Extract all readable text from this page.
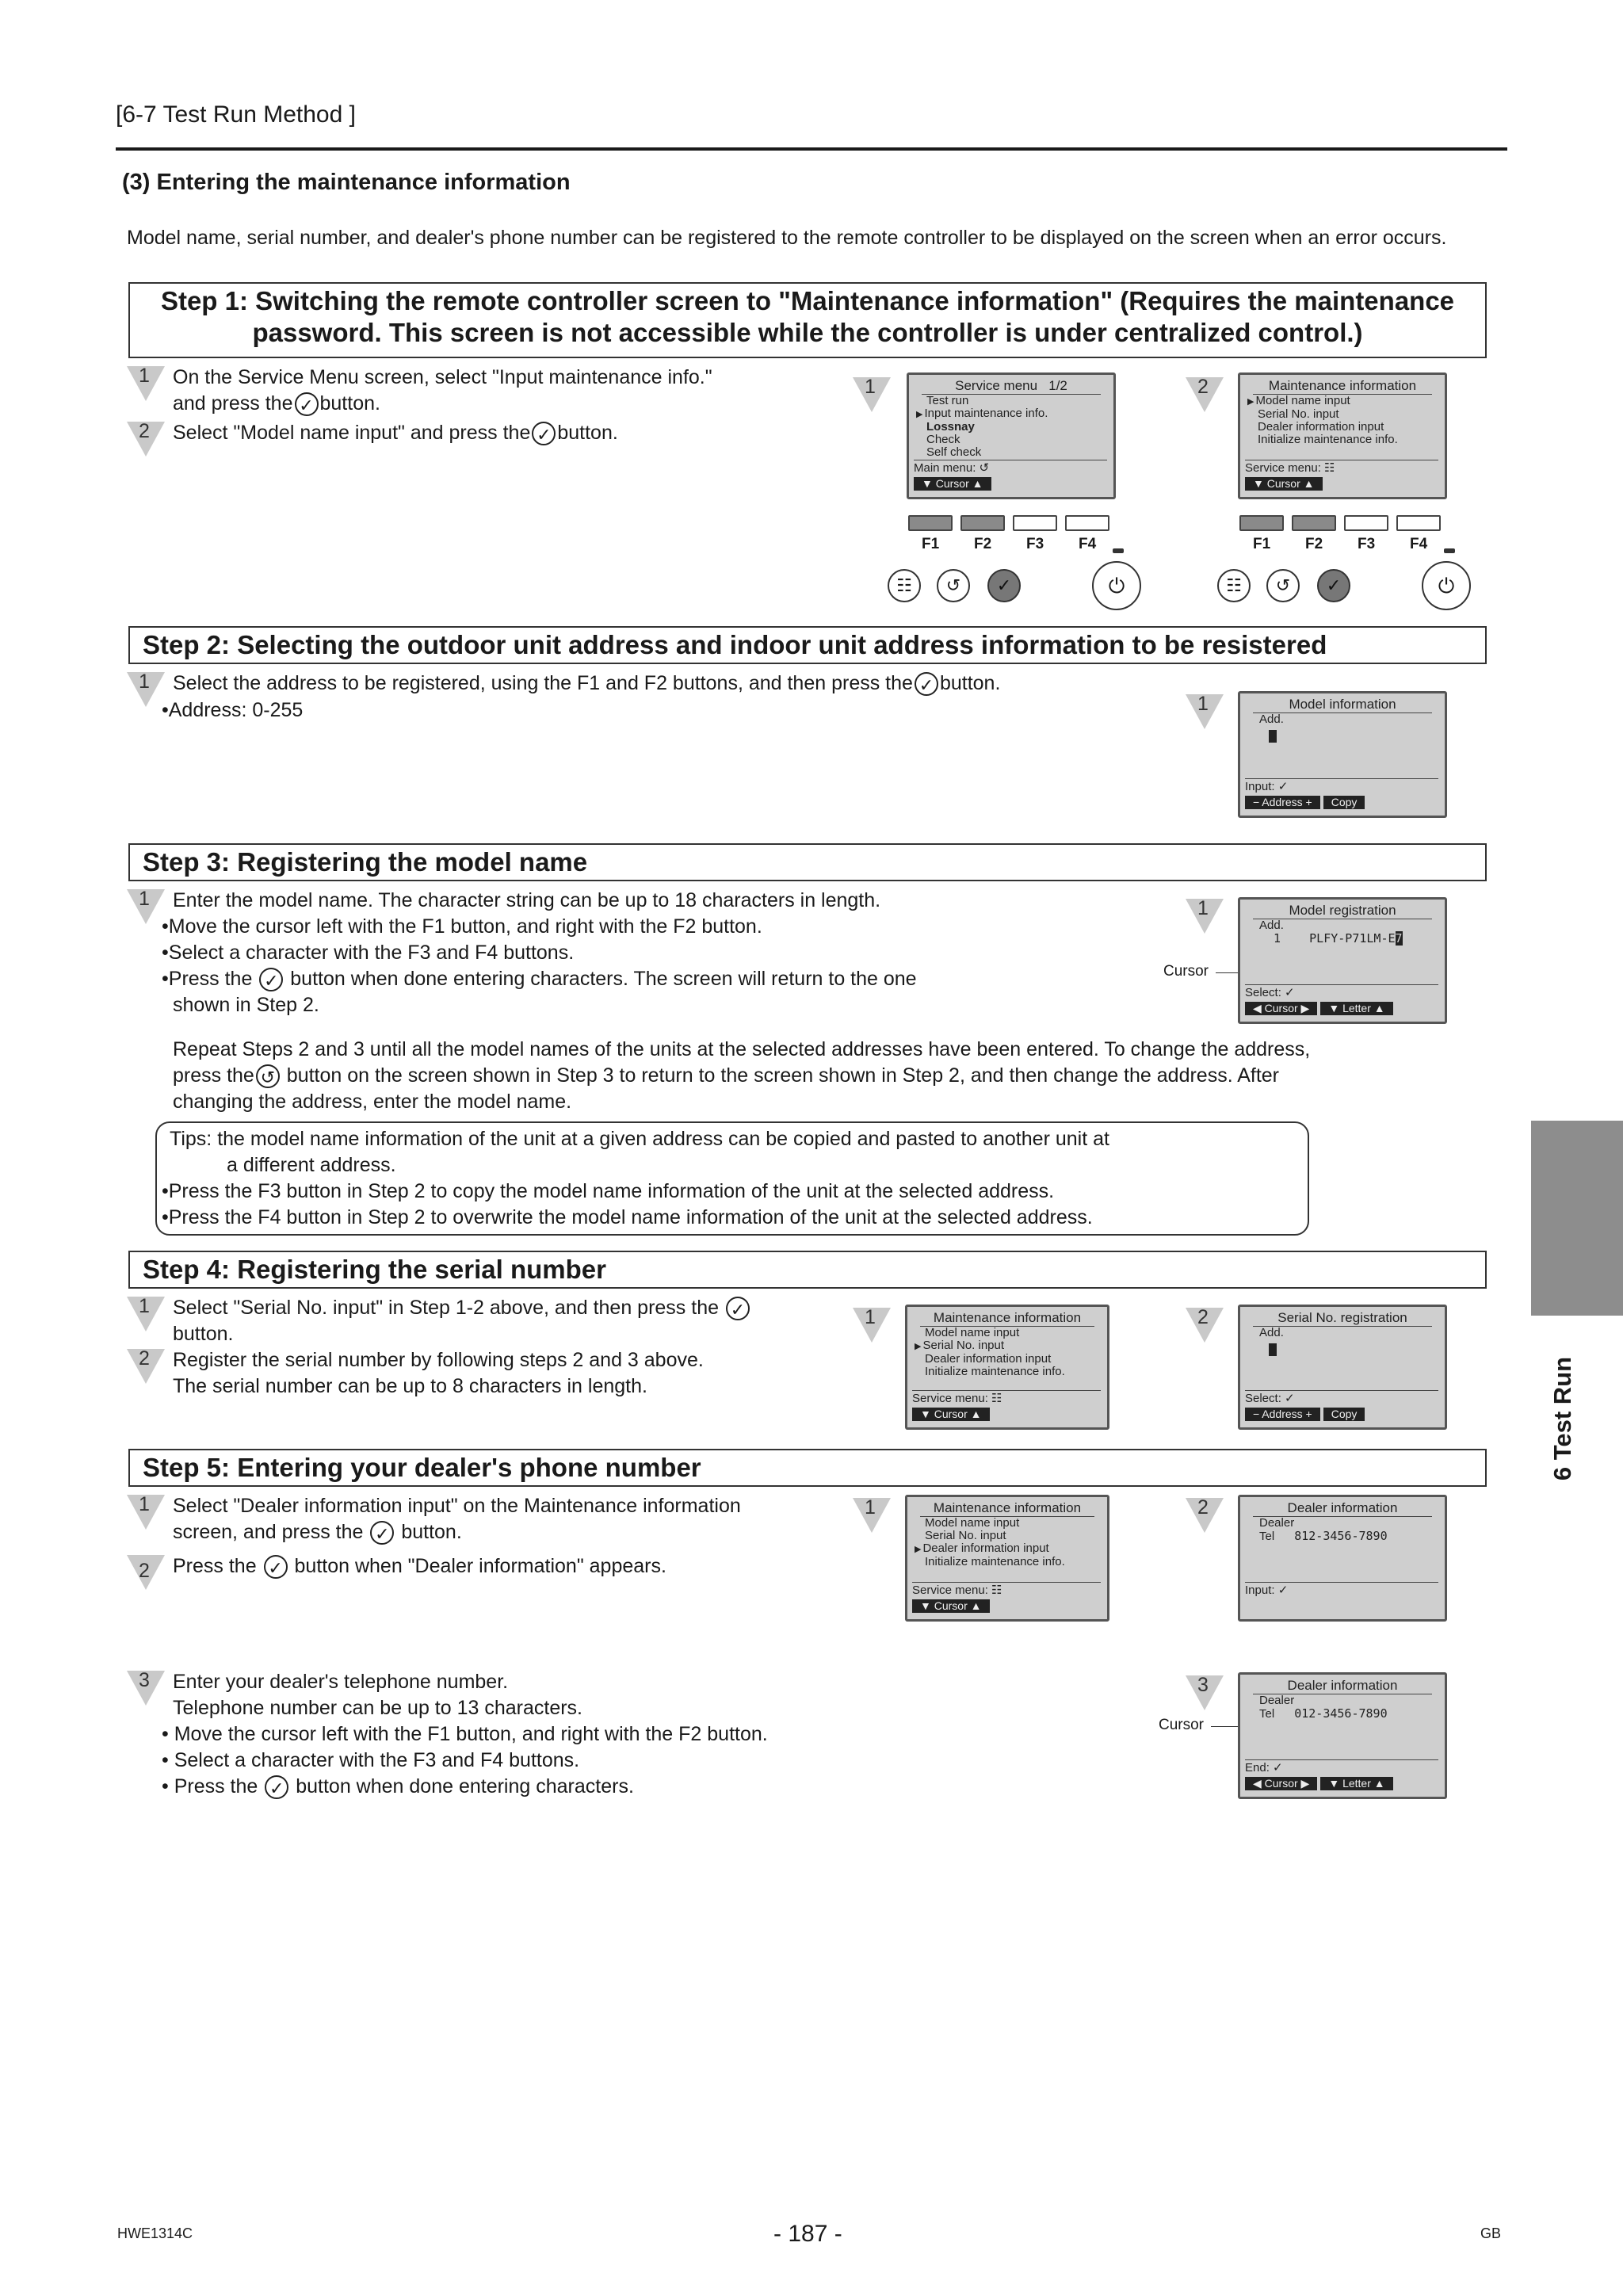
[6-7 Test Run Method ]
(3) Entering the maintenance information
Model name, serial number, and dealer's phone number can be registered to the remote controller to be displayed on the screen when an error occurs.
Step 1: Switching the remote controller screen to "Maintenance information" (Requires the maintenance password. This screen is not accessible while the controller is under centralized control.)
1	On the Service Menu screen, select "Input maintenance info." and press the ✓ button.
2	Select "Model name input" and press the ✓ button.
1	Service menu 1/2
Test run
▶ Input maintenance info.
Lossnay
Check
Self check
Main menu: ↺
▼ Cursor ▲
F1 F2 F3 F4
☷	↺	✓	⏻
2	Maintenance information
▶ Model name input
Serial No. input
Dealer information input
Initialize maintenance info.
Service menu: ☷
▼ Cursor ▲
F1 F2 F3 F4
☷	↺	✓	⏻
Step 2: Selecting the outdoor unit address and indoor unit address information to be resistered
1	Select the address to be registered, using the F1 and F2 buttons, and then press the ✓ button.
•Address: 0-255	1	Model information
Add.
Input: ✓
− Address + Copy
Step 3: Registering the model name
1	Enter the model name. The character string can be up to 18 characters in length.
•Move the cursor left with the F1 button, and right with the F2 button.
•Select a character with the F3 and F4 buttons.
•Press the ✓ button when done entering characters. The screen will return to the one
shown in Step 2.
1
Cursor
Model registration
Add.
1 PLFY-P71LM-E7
Select: ✓
◀ Cursor ▶ ▼ Letter ▲
Repeat Steps 2 and 3 until all the model names of the units at the selected addresses have been entered. To change the address,
press the ↺ button on the screen shown in Step 3 to return to the screen shown in Step 2, and then change the address. After
changing the address, enter the model name.
Tips: the model name information of the unit at a given address can be copied and pasted to another unit at
a different address.
•Press the F3 button in Step 2 to copy the model name information of the unit at the selected address.
•Press the F4 button in Step 2 to overwrite the model name information of the unit at the selected address.
Step 4: Registering the serial number
1	Select "Serial No. input" in Step 1-2 above, and then press the ✓
button.
2	Register the serial number by following steps 2 and 3 above.
The serial number can be up to 8 characters in length.
1	Maintenance information
Model name input
▶ Serial No. input
Dealer information input
Initialize maintenance info.
Service menu: ☷
▼ Cursor ▲
2	Serial No. registration
Add.
Select: ✓
− Address + Copy
Step 5: Entering your dealer's phone number
1	Select "Dealer information input" on the Maintenance information
screen, and press the ✓ button.
2	Press the ✓ button when "Dealer information" appears.
1	Maintenance information
Model name input
Serial No. input
▶ Dealer information input
Initialize maintenance info.
Service menu: ☷
▼ Cursor ▲
2	Dealer information
Dealer
Tel 812-3456-7890
Input: ✓
3	Enter your dealer's telephone number.
Telephone number can be up to 13 characters.
• Move the cursor left with the F1 button, and right with the F2 button.
• Select a character with the F3 and F4 buttons.
• Press the ✓ button when done entering characters.
3
Cursor
Dealer information
Dealer
Tel 012-3456-7890
End: ✓
◀ Cursor ▶ ▼ Letter ▲
6 Test Run
HWE1314C	- 187 -	GB
